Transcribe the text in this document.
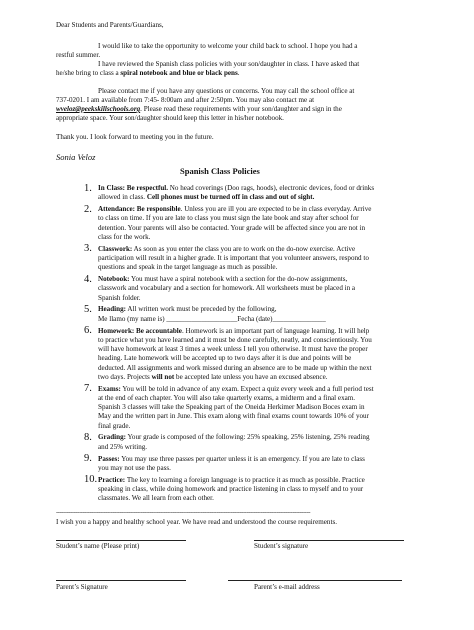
Dear Students and Parents/Guardians,
I would like to take the opportunity to welcome your child back to school. I hope you had a
restful summer.
I have reviewed the Spanish class policies with your son/daughter in class. I have asked that
he/she bring to class a spiral notebook and blue or black pens.
Please contact me if you have any questions or concerns. You may call the school office at
737-0201. I am available from 7:45- 8:00am and after 2:50pm. You may also contact me at
wveloz@peekskillschools.org. Please read these requirements with your son/daughter and sign in the
appropriate space. Your son/daughter should keep this letter in his/her notebook.
Thank you. I look forward to meeting you in the future.
Sonia Veloz
Spanish Class Policies
1. In Class: Be respectful. No head coverings (Doo rags, hoods), electronic devices, food or drinks

allowed in class. Cell phones must be turned off in class and out of sight.

2. Attendance: Be responsible. Unless you are ill you are expected to be in class everyday. Arrive

to class on time. If you are late to class you must sign the late book and stay after school for

detention. Your parents will also be contacted. Your grade will be affected since you are not in

class for the work.

3. Classwork: As soon as you enter the class you are to work on the do-now exercise. Active

participation will result in a higher grade. It is important that you volunteer answers, respond to

questions and speak in the target language as much as possible.

4. Notebook: You must have a spiral notebook with a section for the do-now assignments,

classwork and vocabulary and a section for homework. All worksheets must be placed in a

Spanish folder.

5. Heading: All written work must be preceded by the following,

Me llamo (my name is) ____________________Fecha (date)_______________

6. Homework: Be accountable. Homework is an important part of language learning. It will help

to practice what you have learned and it must be done carefully, neatly, and conscientiously. You

will have homework at least 3 times a week unless I tell you otherwise. It must have the proper

heading. Late homework will be accepted up to two days after it is due and points will be

deducted. All assignments and work missed during an absence are to be made up within the next

two days. Projects will not be accepted late unless you have an excused absence.

7. Exams: You will be told in advance of any exam. Expect a quiz every week and a full period test

at the end of each chapter. You will also take quarterly exams, a midterm and a final exam.

Spanish 3 classes will take the Speaking part of the Oneida Herkimer Madison Boces exam in

May and the written part in June. This exam along with final exams count towards 10% of your

final grade.

8. Grading: Your grade is composed of the following: 25% speaking, 25% listening, 25% reading

and 25% writing.

9. Passes: You may use three passes per quarter unless it is an emergency. If you are late to class

you may not use the pass.

10. Practice: The key to learning a foreign language is to practice it as much as possible. Practice

speaking in class, while doing homework and practice listening in class to myself and to your

classmates. We all learn from each other.

------------------------------------------------------------------------------------------------------------------------------------------------
I wish you a happy and healthy school year. We have read and understood the course requirements.
Student’s name (Please print)	Student’s signature
Parent’s Signature	Parent’s e-mail address
